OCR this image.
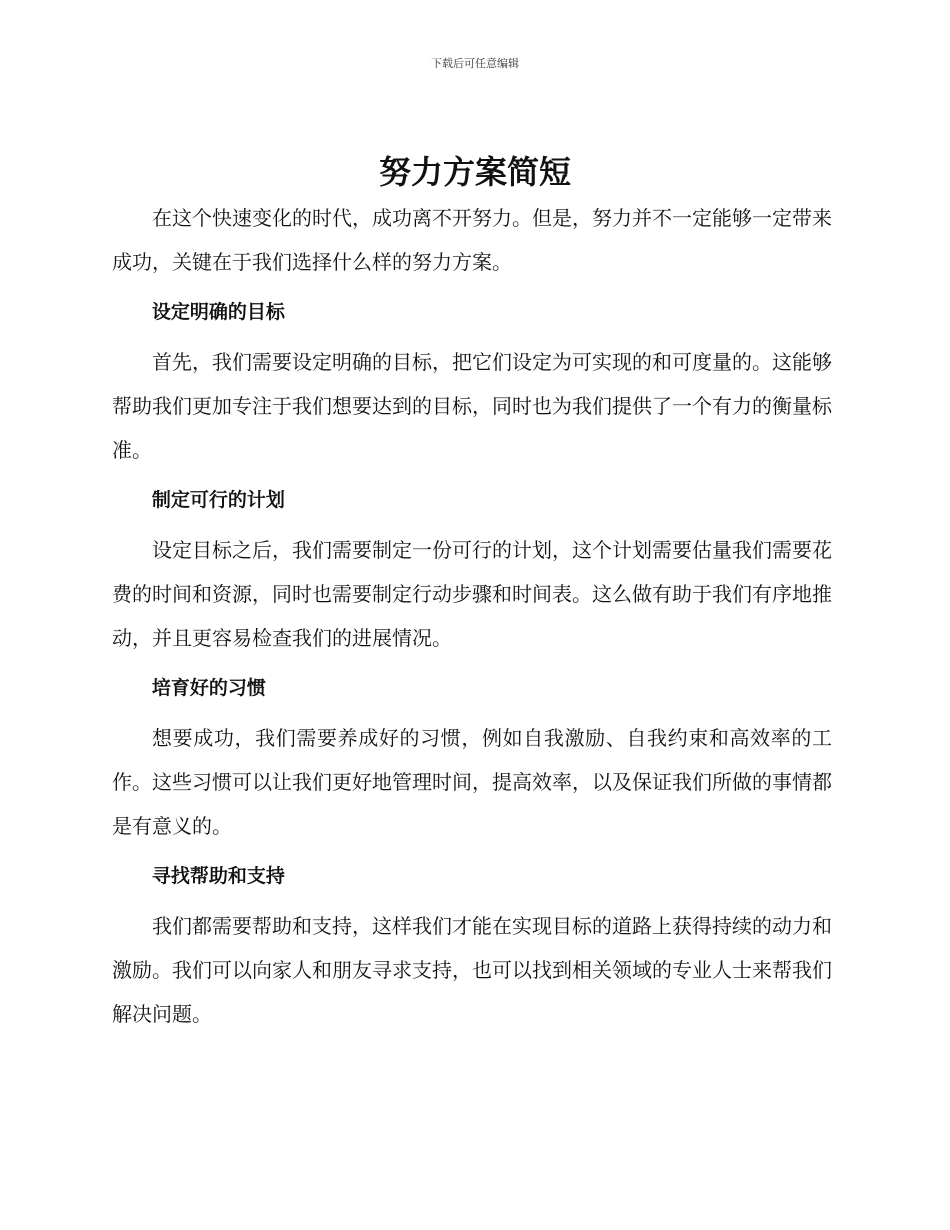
下载后可任意编辑
努力方案简短

在这个快速变化的时代，成功离不开努力。但是，努力并不一定能够一定带来成功，关键在于我们选择什么样的努力方案。

设定明确的目标

首先，我们需要设定明确的目标，把它们设定为可实现的和可度量的。这能够帮助我们更加专注于我们想要达到的目标，同时也为我们提供了一个有力的衡量标准。

制定可行的计划

设定目标之后，我们需要制定一份可行的计划，这个计划需要估量我们需要花费的时间和资源，同时也需要制定行动步骤和时间表。这么做有助于我们有序地推动，并且更容易检查我们的进展情况。

培育好的习惯

想要成功，我们需要养成好的习惯，例如自我激励、自我约束和高效率的工作。这些习惯可以让我们更好地管理时间，提高效率，以及保证我们所做的事情都是有意义的。

寻找帮助和支持

我们都需要帮助和支持，这样我们才能在实现目标的道路上获得持续的动力和激励。我们可以向家人和朋友寻求支持，也可以找到相关领域的专业人士来帮我们解决问题。
